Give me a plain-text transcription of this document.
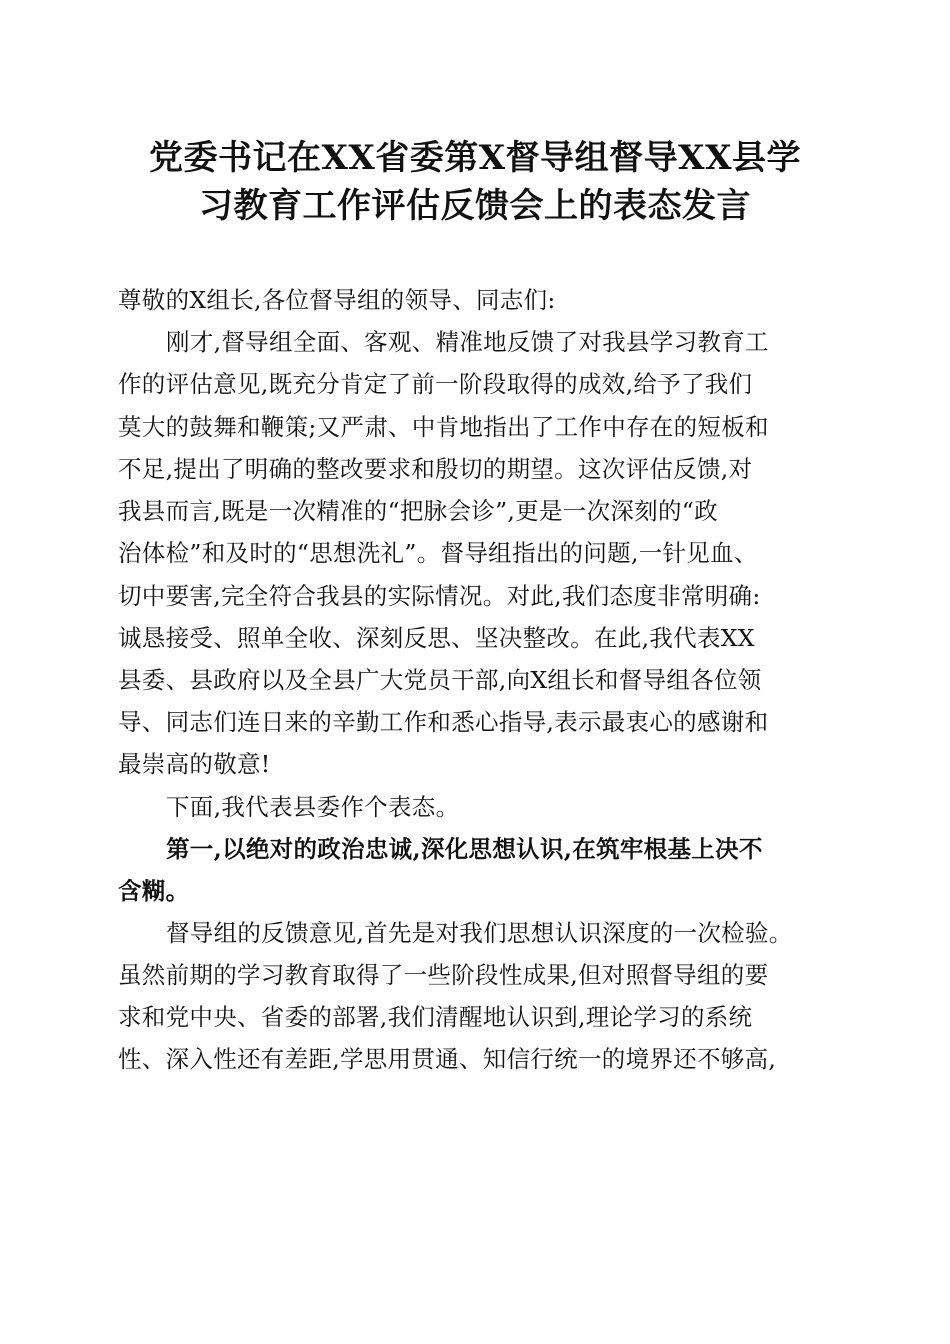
党委书记在XX省委第X督导组督导XX县学
习教育工作评估反馈会上的表态发言
尊敬的X组长,各位督导组的领导、同志们:
刚才,督导组全面、客观、精准地反馈了对我县学习教育工
作的评估意见,既充分肯定了前一阶段取得的成效,给予了我们
莫大的鼓舞和鞭策;又严肃、中肯地指出了工作中存在的短板和
不足,提出了明确的整改要求和殷切的期望。这次评估反馈,对
我县而言,既是一次精准的“把脉会诊”,更是一次深刻的“政
治体检”和及时的“思想洗礼”。督导组指出的问题,一针见血、
切中要害,完全符合我县的实际情况。对此,我们态度非常明确:
诚恳接受、照单全收、深刻反思、坚决整改。在此,我代表XX
县委、县政府以及全县广大党员干部,向X组长和督导组各位领
导、同志们连日来的辛勤工作和悉心指导,表示最衷心的感谢和
最崇高的敬意!
下面,我代表县委作个表态。
第一,以绝对的政治忠诚,深化思想认识,在筑牢根基上决不
含糊。
督导组的反馈意见,首先是对我们思想认识深度的一次检验。
虽然前期的学习教育取得了一些阶段性成果,但对照督导组的要
求和党中央、省委的部署,我们清醒地认识到,理论学习的系统
性、深入性还有差距,学思用贯通、知信行统一的境界还不够高,
